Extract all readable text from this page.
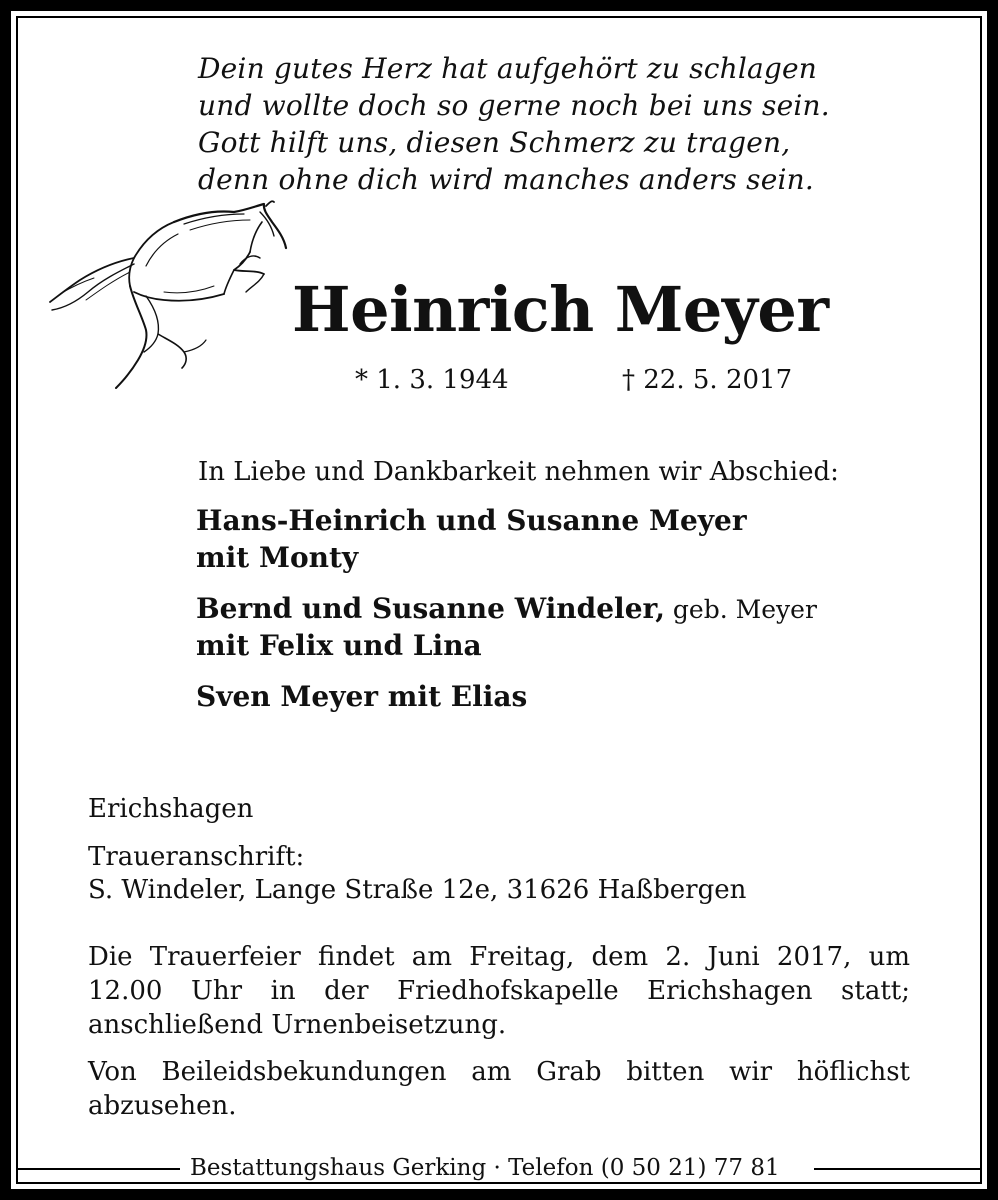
Dein gutes Herz hat aufgehört zu schlagen
und wollte doch so gerne noch bei uns sein.
Gott hilft uns, diesen Schmerz zu tragen,
denn ohne dich wird manches anders sein.
Heinrich Meyer
* 1. 3. 1944	† 22. 5. 2017
In Liebe und Dankbarkeit nehmen wir Abschied:
Hans-Heinrich und Susanne Meyer
mit Monty
Bernd und Susanne Windeler, geb. Meyer
mit Felix und Lina
Sven Meyer mit Elias
Erichshagen
Traueranschrift:
S. Windeler, Lange Straße 12e, 31626 Haßbergen
Die Trauerfeier findet am Freitag, dem 2. Juni 2017, um 12.00 Uhr in der Friedhofskapelle Erichshagen statt; anschließend Urnenbeisetzung.
Von Beileidsbekundungen am Grab bitten wir höflichst abzusehen.
Bestattungshaus Gerking · Telefon (0 50 21) 77 81
